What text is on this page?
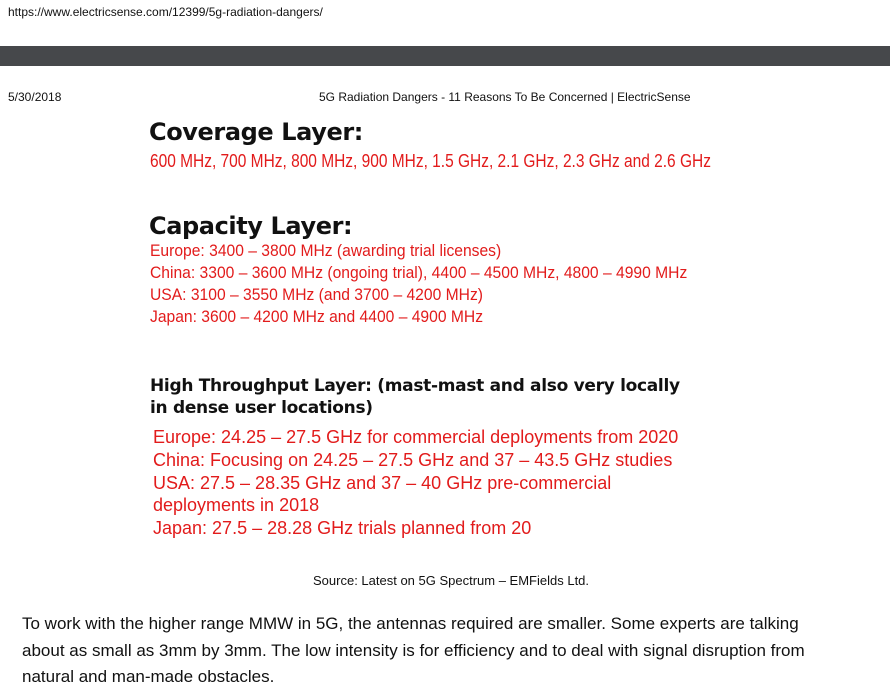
https://www.electricsense.com/12399/5g-radiation-dangers/
5/30/2018	5G Radiation Dangers - 11 Reasons To Be Concerned | ElectricSense
Coverage Layer:
600 MHz, 700 MHz, 800 MHz, 900 MHz, 1.5 GHz, 2.1 GHz, 2.3 GHz and 2.6 GHz
Capacity Layer:
Europe: 3400 – 3800 MHz (awarding trial licenses)
China: 3300 – 3600 MHz (ongoing trial), 4400 – 4500 MHz, 4800 – 4990 MHz
USA: 3100 – 3550 MHz (and 3700 – 4200 MHz)
Japan: 3600 – 4200 MHz and 4400 – 4900 MHz
High Throughput Layer: (mast-mast and also very locally
in dense user locations)
Europe: 24.25 – 27.5 GHz for commercial deployments from 2020
China: Focusing on 24.25 – 27.5 GHz and 37 – 43.5 GHz studies
USA: 27.5 – 28.35 GHz and 37 – 40 GHz pre-commercial
deployments in 2018
Japan: 27.5 – 28.28 GHz trials planned from 20
Source: Latest on 5G Spectrum – EMFields Ltd.
To work with the higher range MMW in 5G, the antennas required are smaller. Some experts are talking
about as small as 3mm by 3mm. The low intensity is for efficiency and to deal with signal disruption from
natural and man-made obstacles.
